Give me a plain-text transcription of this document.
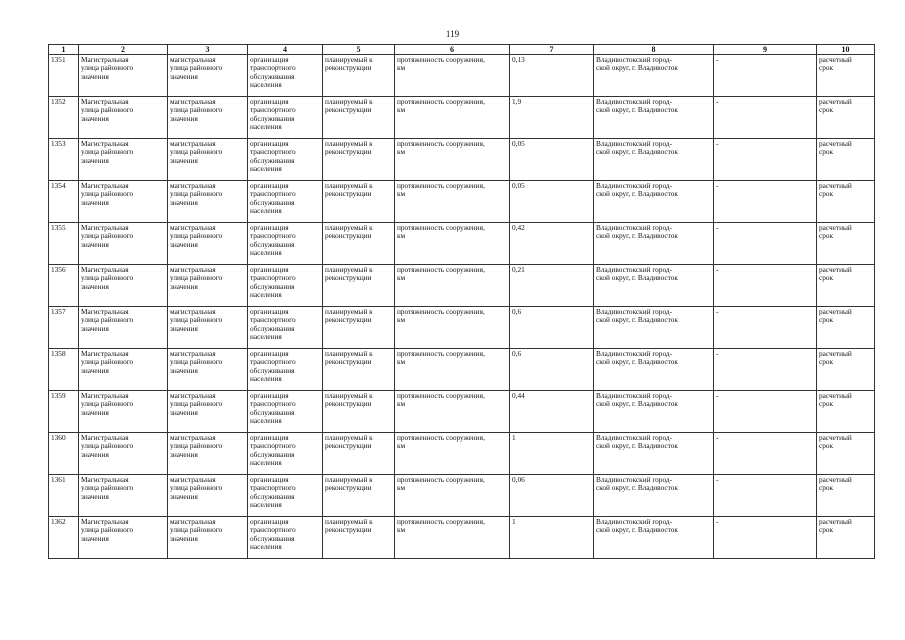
119
1	2	3	4	5	6	7	8	9	10
1351	Магистральная
улица районного
значения	магистральная
улица районного
значения	организация
транспортного
обслуживания
населения	планируемый к
реконструкции	протяженность сооружения,
км	0,13	Владивостокский город-
ской округ, г. Владивосток	-	расчетный
срок
1352	Магистральная
улица районного
значения	магистральная
улица районного
значения	организация
транспортного
обслуживания
населения	планируемый к
реконструкции	протяженность сооружения,
км	1,9	Владивостокский город-
ской округ, г. Владивосток	-	расчетный
срок
1353	Магистральная
улица районного
значения	магистральная
улица районного
значения	организация
транспортного
обслуживания
населения	планируемый к
реконструкции	протяженность сооружения,
км	0,05	Владивостокский город-
ской округ, г. Владивосток	-	расчетный
срок
1354	Магистральная
улица районного
значения	магистральная
улица районного
значения	организация
транспортного
обслуживания
населения	планируемый к
реконструкции	протяженность сооружения,
км	0,05	Владивостокский город-
ской округ, г. Владивосток	-	расчетный
срок
1355	Магистральная
улица районного
значения	магистральная
улица районного
значения	организация
транспортного
обслуживания
населения	планируемый к
реконструкции	протяженность сооружения,
км	0,42	Владивостокский город-
ской округ, г. Владивосток	-	расчетный
срок
1356	Магистральная
улица районного
значения	магистральная
улица районного
значения	организация
транспортного
обслуживания
населения	планируемый к
реконструкции	протяженность сооружения,
км	0,21	Владивостокский город-
ской округ, г. Владивосток	-	расчетный
срок
1357	Магистральная
улица районного
значения	магистральная
улица районного
значения	организация
транспортного
обслуживания
населения	планируемый к
реконструкции	протяженность сооружения,
км	0,6	Владивостокский город-
ской округ, г. Владивосток	-	расчетный
срок
1358	Магистральная
улица районного
значения	магистральная
улица районного
значения	организация
транспортного
обслуживания
населения	планируемый к
реконструкции	протяженность сооружения,
км	0,6	Владивостокский город-
ской округ, г. Владивосток	-	расчетный
срок
1359	Магистральная
улица районного
значения	магистральная
улица районного
значения	организация
транспортного
обслуживания
населения	планируемый к
реконструкции	протяженность сооружения,
км	0,44	Владивостокский город-
ской округ, г. Владивосток	-	расчетный
срок
1360	Магистральная
улица районного
значения	магистральная
улица районного
значения	организация
транспортного
обслуживания
населения	планируемый к
реконструкции	протяженность сооружения,
км	1	Владивостокский город-
ской округ, г. Владивосток	-	расчетный
срок
1361	Магистральная
улица районного
значения	магистральная
улица районного
значения	организация
транспортного
обслуживания
населения	планируемый к
реконструкции	протяженность сооружения,
км	0,06	Владивостокский город-
ской округ, г. Владивосток	-	расчетный
срок
1362	Магистральная
улица районного
значения	магистральная
улица районного
значения	организация
транспортного
обслуживания
населения	планируемый к
реконструкции	протяженность сооружения,
км	1	Владивостокский город-
ской округ, г. Владивосток	-	расчетный
срок
